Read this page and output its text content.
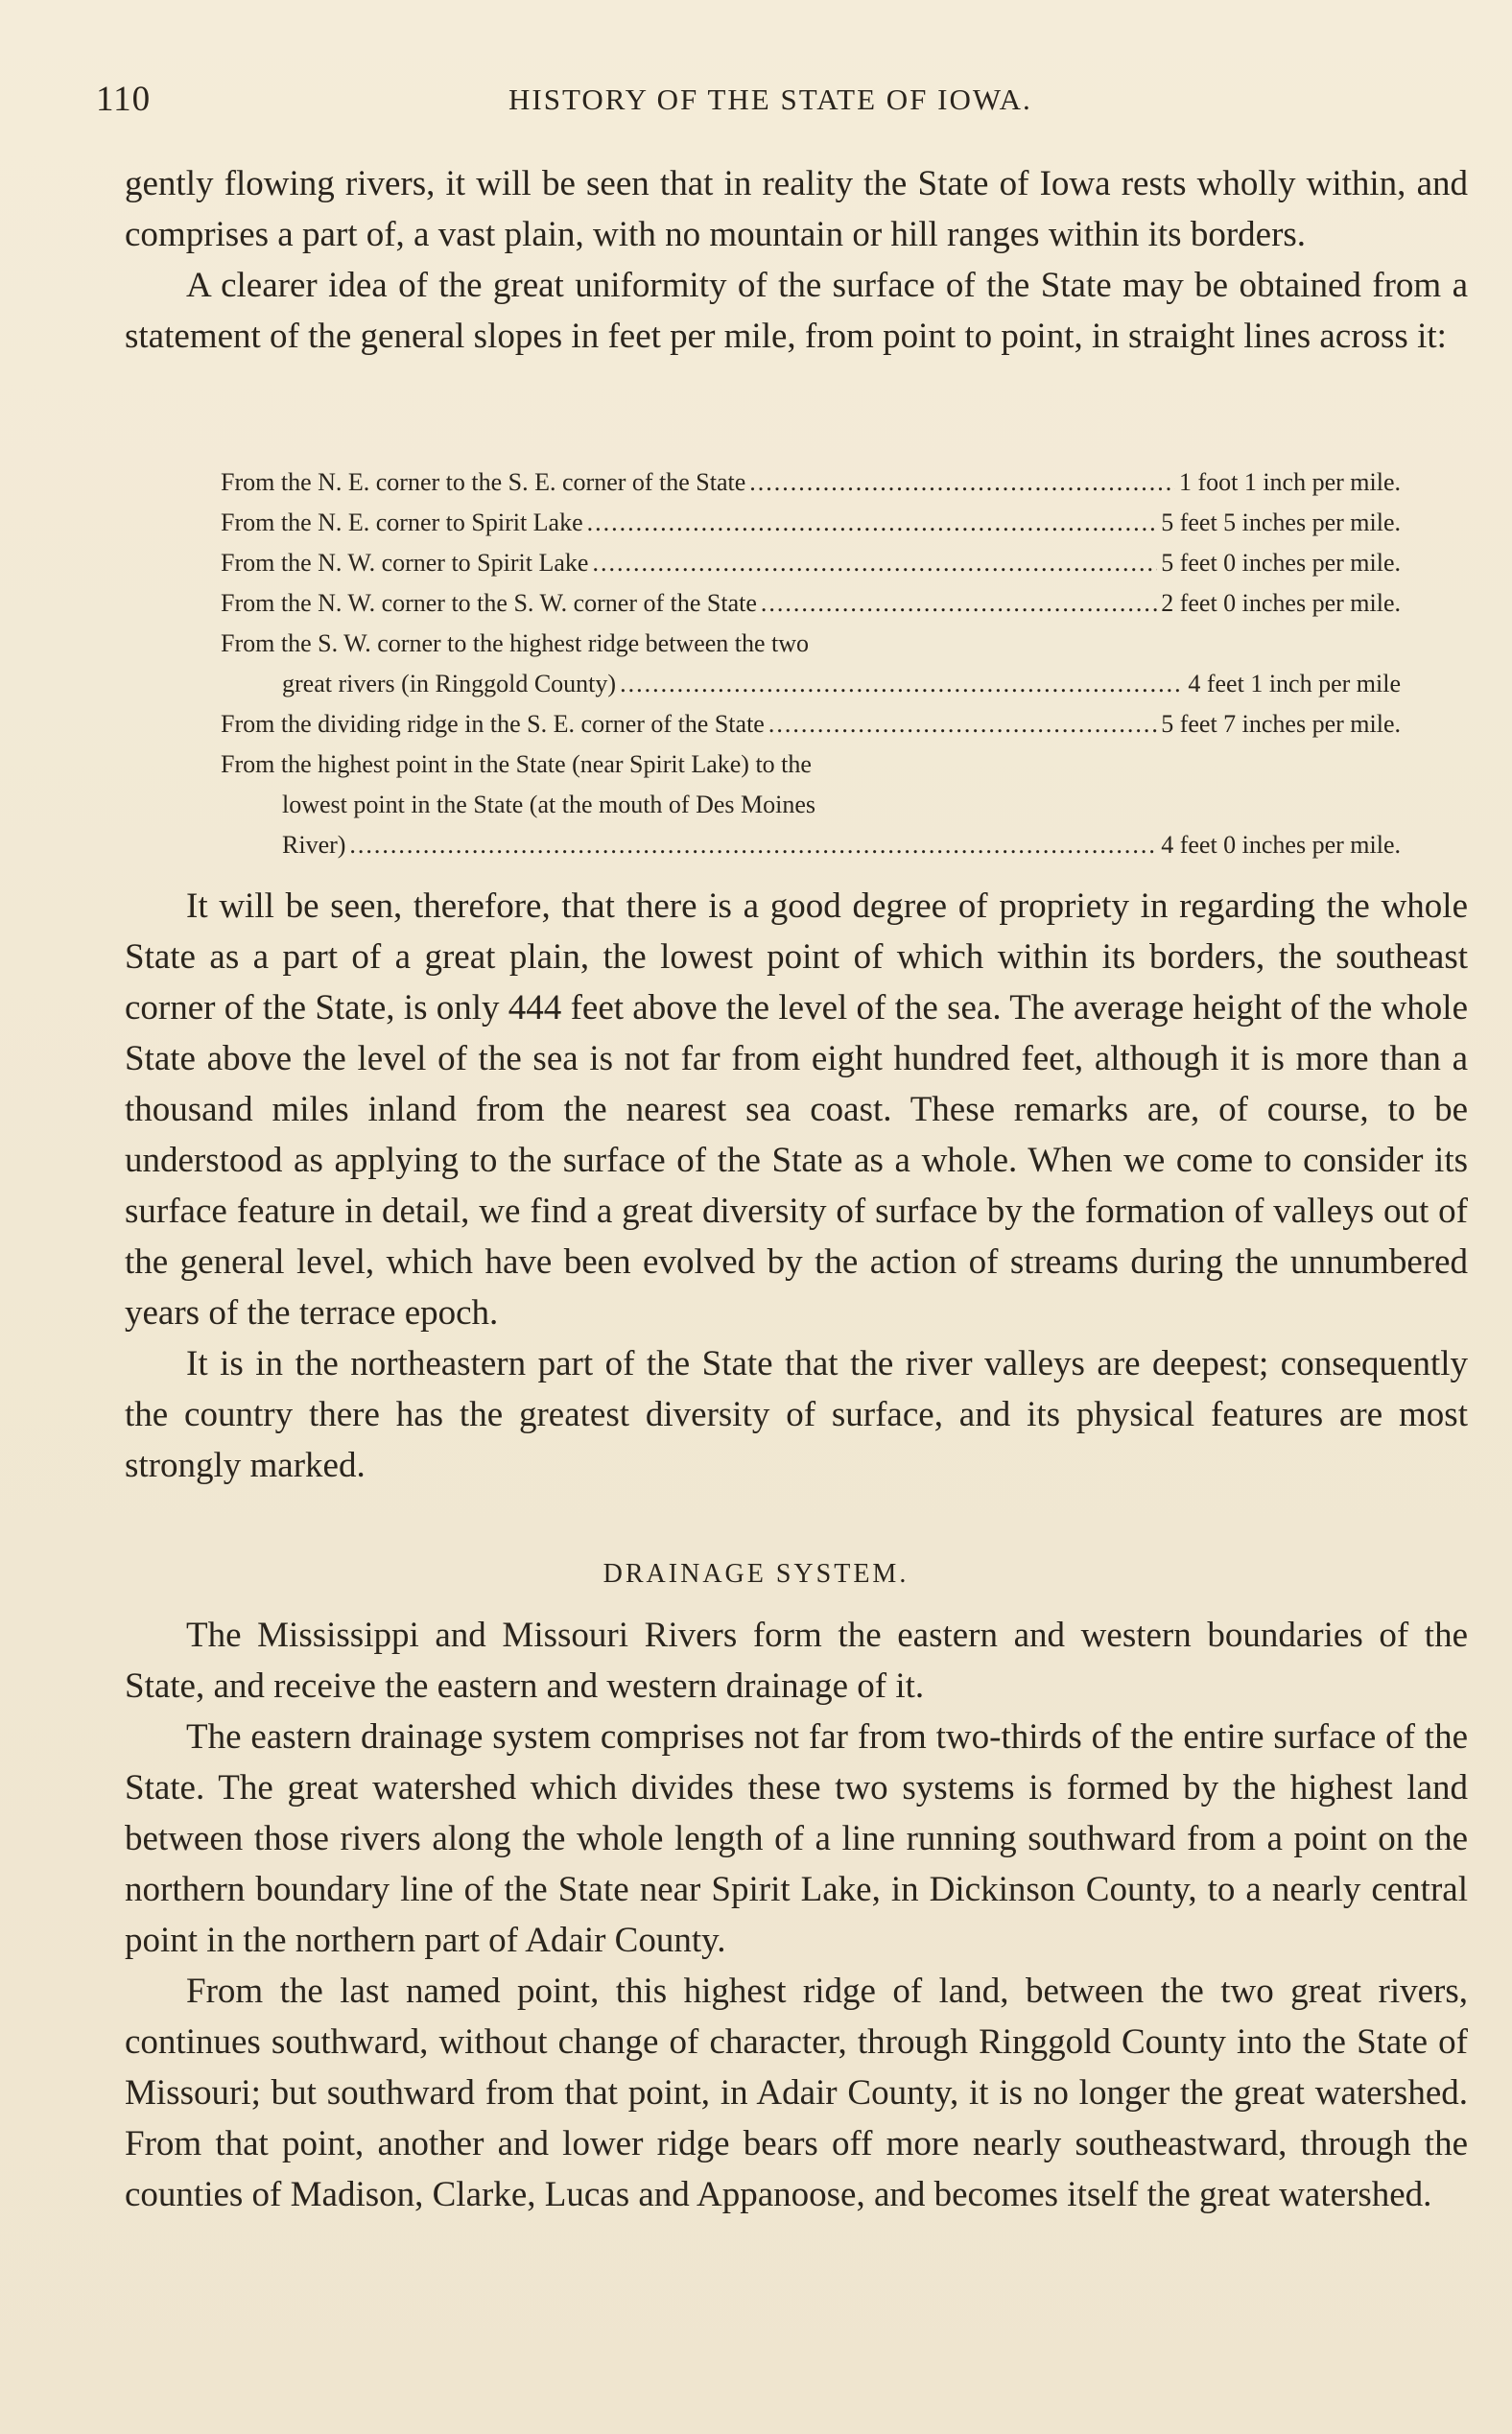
110	HISTORY OF THE STATE OF IOWA.

gently flowing rivers, it will be seen that in reality the State of Iowa rests wholly within, and comprises a part of, a vast plain, with no mountain or hill ranges within its borders.

A clearer idea of the great uniformity of the surface of the State may be obtained from a statement of the general slopes in feet per mile, from point to point, in straight lines across it:

From the N. E. corner to the S. E. corner of the State .....	1 foot 1 inch per mile.
From the N. E. corner to Spirit Lake .....	5 feet 5 inches per mile.
From the N. W. corner to Spirit Lake .....	5 feet 0 inches per mile.
From the N. W. corner to the S. W. corner of the State .....	2 feet 0 inches per mile.
From the S. W. corner to the highest ridge between the two
great rivers (in Ringgold County) .....	4 feet 1 inch per mile
From the dividing ridge in the S. E. corner of the State .....	5 feet 7 inches per mile.
From the highest point in the State (near Spirit Lake) to the
lowest point in the State (at the mouth of Des Moines
River) .....	4 feet 0 inches per mile.

It will be seen, therefore, that there is a good degree of propriety in regarding the whole State as a part of a great plain, the lowest point of which within its borders, the southeast corner of the State, is only 444 feet above the level of the sea. The average height of the whole State above the level of the sea is not far from eight hundred feet, although it is more than a thousand miles inland from the nearest sea coast. These remarks are, of course, to be understood as applying to the surface of the State as a whole. When we come to consider its surface feature in detail, we find a great diversity of surface by the formation of valleys out of the general level, which have been evolved by the action of streams during the unnumbered years of the terrace epoch.

It is in the northeastern part of the State that the river valleys are deepest; consequently the country there has the greatest diversity of surface, and its physical features are most strongly marked.

DRAINAGE SYSTEM.

The Mississippi and Missouri Rivers form the eastern and western boundaries of the State, and receive the eastern and western drainage of it.

The eastern drainage system comprises not far from two-thirds of the entire surface of the State. The great watershed which divides these two systems is formed by the highest land between those rivers along the whole length of a line running southward from a point on the northern boundary line of the State near Spirit Lake, in Dickinson County, to a nearly central point in the northern part of Adair County.

From the last named point, this highest ridge of land, between the two great rivers, continues southward, without change of character, through Ringgold County into the State of Missouri; but southward from that point, in Adair County, it is no longer the great watershed. From that point, another and lower ridge bears off more nearly southeastward, through the counties of Madison, Clarke, Lucas and Appanoose, and becomes itself the great watershed.
